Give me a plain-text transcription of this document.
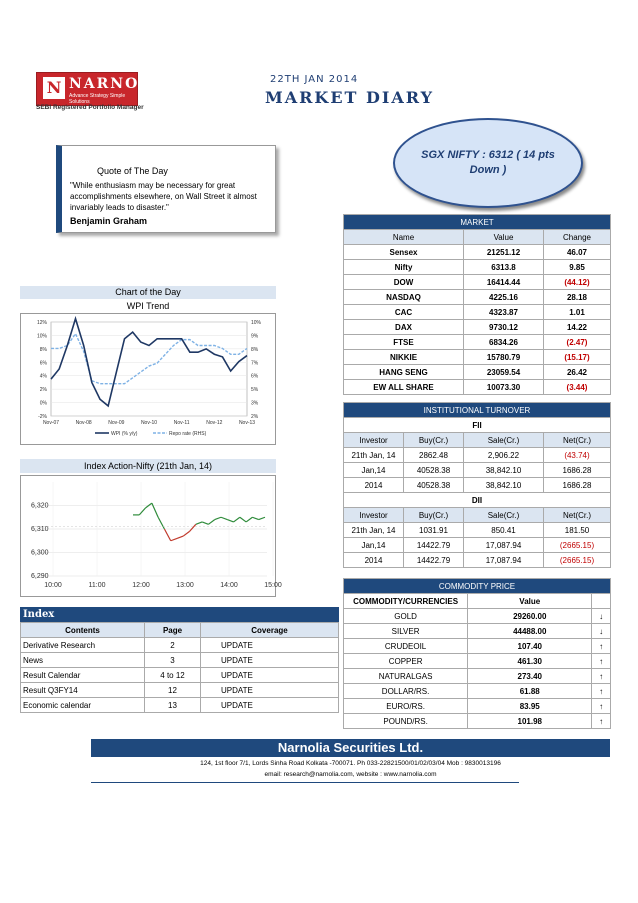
N NARNOLIA
Advance Strategy Simple Solutions
SEBI Registered Portfolio Manager
22TH JAN 2014
MARKET DIARY
SGX NIFTY : 6312 ( 14 pts Down )
Quote of The Day
"While enthusiasm may be necessary for great accomplishments elsewhere, on Wall Street it almost invariably leads to disaster."
Benjamin Graham	MARKET		
Name	Value	Change
Sensex	21251.12	46.07
Nifty	6313.8	9.85
DOW	16414.44	(44.12)
NASDAQ	4225.16	28.18
CAC	4323.87	1.01
DAX	9730.12	14.22
FTSE	6834.26	(2.47)
NIKKIE	15780.79	(15.17)
HANG SENG	23059.54	26.42
EW ALL SHARE	10073.30	(3.44)
Chart of the Day
WPI Trend
12%
10%
8%
6%
4%
2%
0%
-2%
10%
9%
8%
7%
6%
5%
3%
2%
Nov-07	Nov-08	Nov-09	Nov-10	Nov-11	Nov-12	Nov-13
WPI (% y/y)	Repo rate (RHS)
Index Action-Nifty (21th Jan, 14)
6,320
6,310
6,300
6,290
10:00	11:00	12:00	13:00	14:00	15:00
INSTITUTIONAL TURNOVER			
FII			
Investor	Buy(Cr.)	Sale(Cr.)	Net(Cr.)
21th Jan, 14	2862.48	2,906.22	(43.74)
Jan,14	40528.38	38,842.10	1686.28
2014	40528.38	38,842.10	1686.28
DII			
Investor	Buy(Cr.)	Sale(Cr.)	Net(Cr.)
21th Jan, 14	1031.91	850.41	181.50
Jan,14	14422.79	17,087.94	(2665.15)
2014	14422.79	17,087.94	(2665.15)
COMMODITY PRICE		
COMMODITY/CURRENCIES	Value	
GOLD	29260.00	↓
SILVER	44488.00	↓
CRUDEOIL	107.40	↑
COPPER	461.30	↑
NATURALGAS	273.40	↑
DOLLAR/RS.	61.88	↑
EURO/RS.	83.95	↑
POUND/RS.	101.98	↑
Index
Contents	Page	Coverage
Derivative Research	2	UPDATE
News	3	UPDATE
Result Calendar	4 to 12	UPDATE
Result Q3FY14	12	UPDATE
Economic calendar	13	UPDATE
Narnolia Securities Ltd.
124, 1st floor 7/1, Lords Sinha Road Kolkata -700071. Ph 033-22821500/01/02/03/04 Mob : 9830013196
email: research@narnolia.com, website : www.narnolia.com
